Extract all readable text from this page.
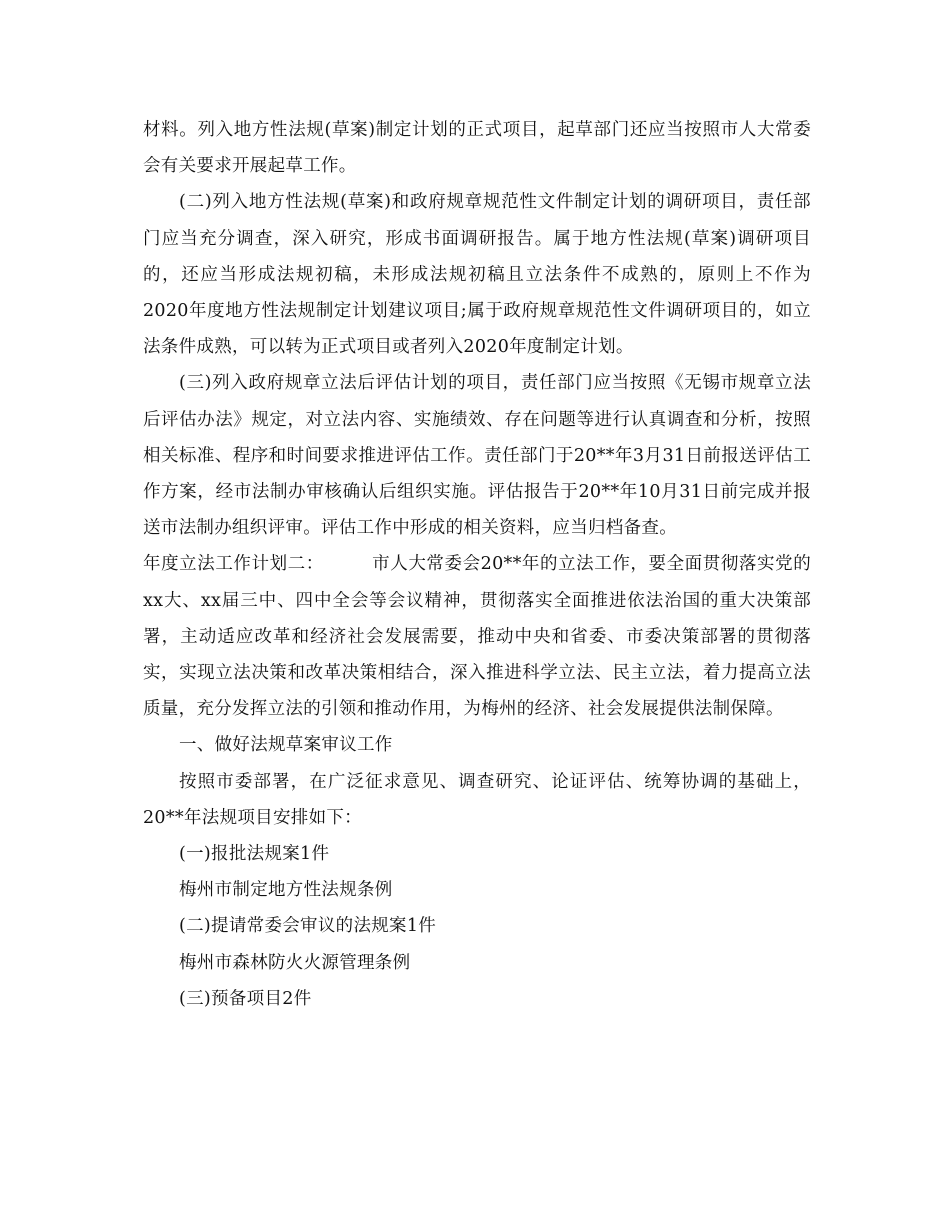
材料。列入地方性法规(草案)制定计划的正式项目，起草部门还应当按照市人大常委会有关要求开展起草工作。

(二)列入地方性法规(草案)和政府规章规范性文件制定计划的调研项目，责任部门应当充分调查，深入研究，形成书面调研报告。属于地方性法规(草案)调研项目的，还应当形成法规初稿，未形成法规初稿且立法条件不成熟的，原则上不作为2020年度地方性法规制定计划建议项目;属于政府规章规范性文件调研项目的，如立法条件成熟，可以转为正式项目或者列入2020年度制定计划。

(三)列入政府规章立法后评估计划的项目，责任部门应当按照《无锡市规章立法后评估办法》规定，对立法内容、实施绩效、存在问题等进行认真调查和分析，按照相关标准、程序和时间要求推进评估工作。责任部门于20**年3月31日前报送评估工作方案，经市法制办审核确认后组织实施。评估报告于20**年10月31日前完成并报送市法制办组织评审。评估工作中形成的相关资料，应当归档备查。

年度立法工作计划二：	市人大常委会20**年的立法工作，要全面贯彻落实党的xx大、xx届三中、四中全会等会议精神，贯彻落实全面推进依法治国的重大决策部署，主动适应改革和经济社会发展需要，推动中央和省委、市委决策部署的贯彻落实，实现立法决策和改革决策相结合，深入推进科学立法、民主立法，着力提高立法质量，充分发挥立法的引领和推动作用，为梅州的经济、社会发展提供法制保障。

一、做好法规草案审议工作

按照市委部署，在广泛征求意见、调查研究、论证评估、统筹协调的基础上，20**年法规项目安排如下：

(一)报批法规案1件

梅州市制定地方性法规条例

(二)提请常委会审议的法规案1件

梅州市森林防火火源管理条例

(三)预备项目2件
